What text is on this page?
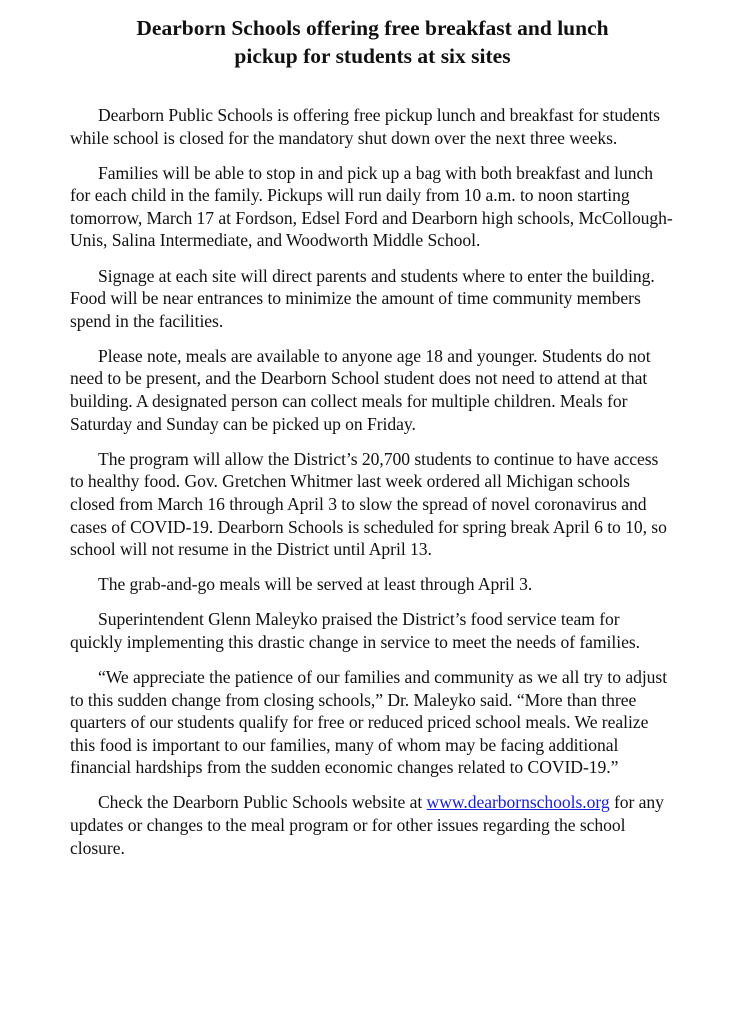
Dearborn Schools offering free breakfast and lunch
pickup for students at six sites

Dearborn Public Schools is offering free pickup lunch and breakfast for students while school is closed for the mandatory shut down over the next three weeks.

Families will be able to stop in and pick up a bag with both breakfast and lunch for each child in the family. Pickups will run daily from 10 a.m. to noon starting tomorrow, March 17 at Fordson, Edsel Ford and Dearborn high schools, McCollough-Unis, Salina Intermediate, and Woodworth Middle School.

Signage at each site will direct parents and students where to enter the building. Food will be near entrances to minimize the amount of time community members spend in the facilities.

Please note, meals are available to anyone age 18 and younger. Students do not need to be present, and the Dearborn School student does not need to attend at that building. A designated person can collect meals for multiple children. Meals for Saturday and Sunday can be picked up on Friday.

The program will allow the District’s 20,700 students to continue to have access to healthy food. Gov. Gretchen Whitmer last week ordered all Michigan schools closed from March 16 through April 3 to slow the spread of novel coronavirus and cases of COVID-19. Dearborn Schools is scheduled for spring break April 6 to 10, so school will not resume in the District until April 13.

The grab-and-go meals will be served at least through April 3.

Superintendent Glenn Maleyko praised the District’s food service team for quickly implementing this drastic change in service to meet the needs of families.

“We appreciate the patience of our families and community as we all try to adjust to this sudden change from closing schools,” Dr. Maleyko said. “More than three quarters of our students qualify for free or reduced priced school meals. We realize this food is important to our families, many of whom may be facing additional financial hardships from the sudden economic changes related to COVID-19.”

Check the Dearborn Public Schools website at www.dearbornschools.org for any updates or changes to the meal program or for other issues regarding the school closure.
